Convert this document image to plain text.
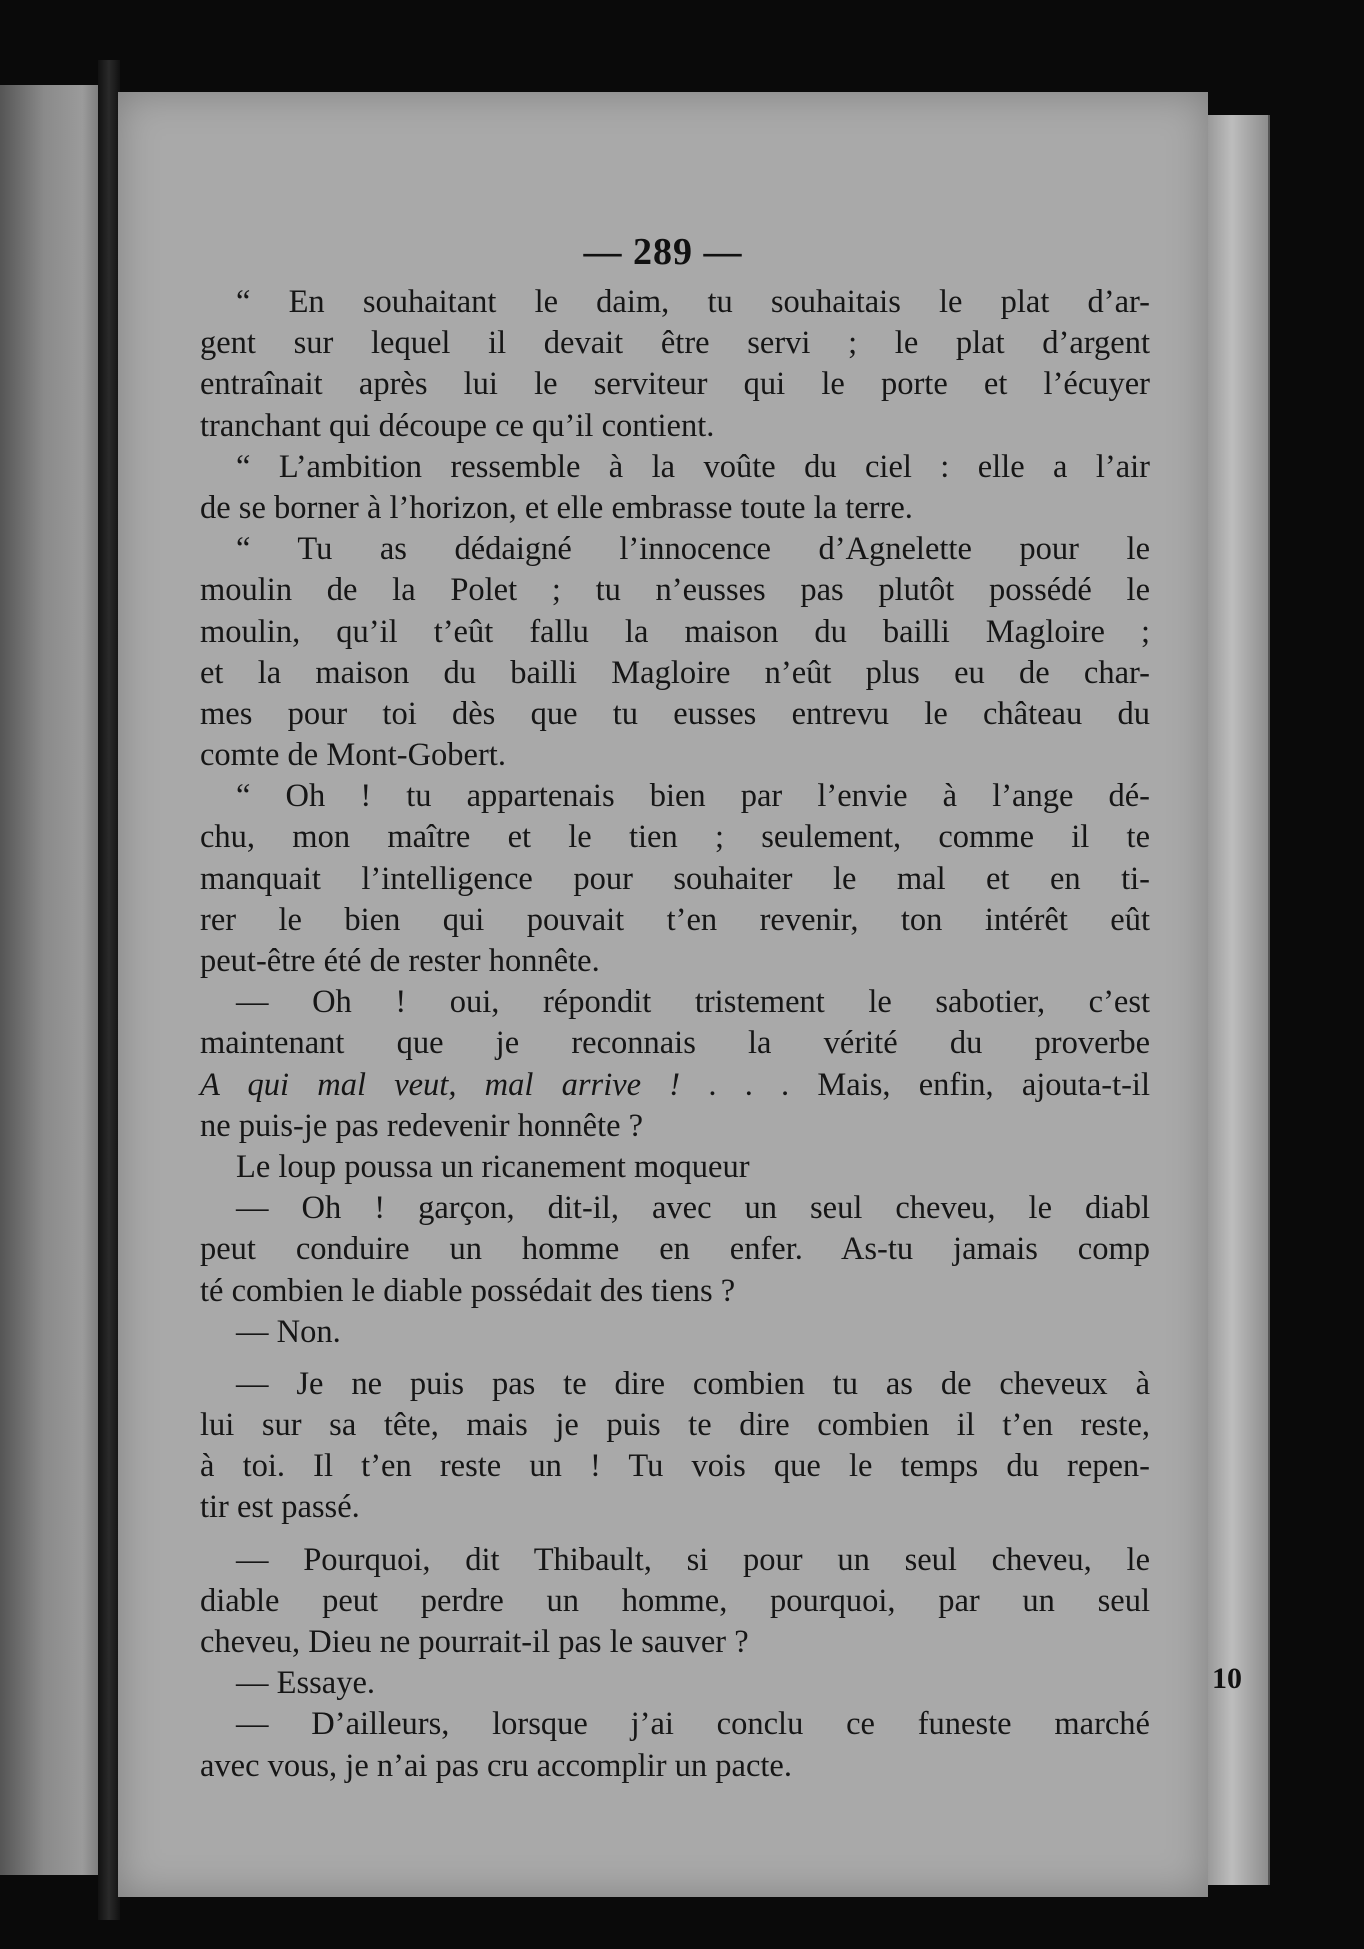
— 289 —
“ En souhaitant le daim, tu souhaitais le plat d’ar-
gent sur lequel il devait être servi ; le plat d’argent
entraînait après lui le serviteur qui le porte et l’écuyer
tranchant qui découpe ce qu’il contient.
“ L’ambition ressemble à la voûte du ciel : elle a l’air
de se borner à l’horizon, et elle embrasse toute la terre.
“ Tu as dédaigné l’innocence d’Agnelette pour le
moulin de la Polet ; tu n’eusses pas plutôt possédé le
moulin, qu’il t’eût fallu la maison du bailli Magloire ;
et la maison du bailli Magloire n’eût plus eu de char-
mes pour toi dès que tu eusses entrevu le château du
comte de Mont-Gobert.
“ Oh ! tu appartenais bien par l’envie à l’ange dé-
chu, mon maître et le tien ; seulement, comme il te
manquait l’intelligence pour souhaiter le mal et en ti-
rer le bien qui pouvait t’en revenir, ton intérêt eût
peut-être été de rester honnête.
— Oh ! oui, répondit tristement le sabotier, c’est
maintenant que je reconnais la vérité du proverbe
A qui mal veut, mal arrive ! . . . Mais, enfin, ajouta-t-il
ne puis-je pas redevenir honnête ?
Le loup poussa un ricanement moqueur
— Oh ! garçon, dit-il, avec un seul cheveu, le diabl
peut conduire un homme en enfer. As-tu jamais comp
té combien le diable possédait des tiens ?
— Non.
— Je ne puis pas te dire combien tu as de cheveux à
lui sur sa tête, mais je puis te dire combien il t’en reste,
à toi. Il t’en reste un ! Tu vois que le temps du repen-
tir est passé.
— Pourquoi, dit Thibault, si pour un seul cheveu, le
diable peut perdre un homme, pourquoi, par un seul
cheveu, Dieu ne pourrait-il pas le sauver ?
— Essaye.
— D’ailleurs, lorsque j’ai conclu ce funeste marché
avec vous, je n’ai pas cru accomplir un pacte.
10
